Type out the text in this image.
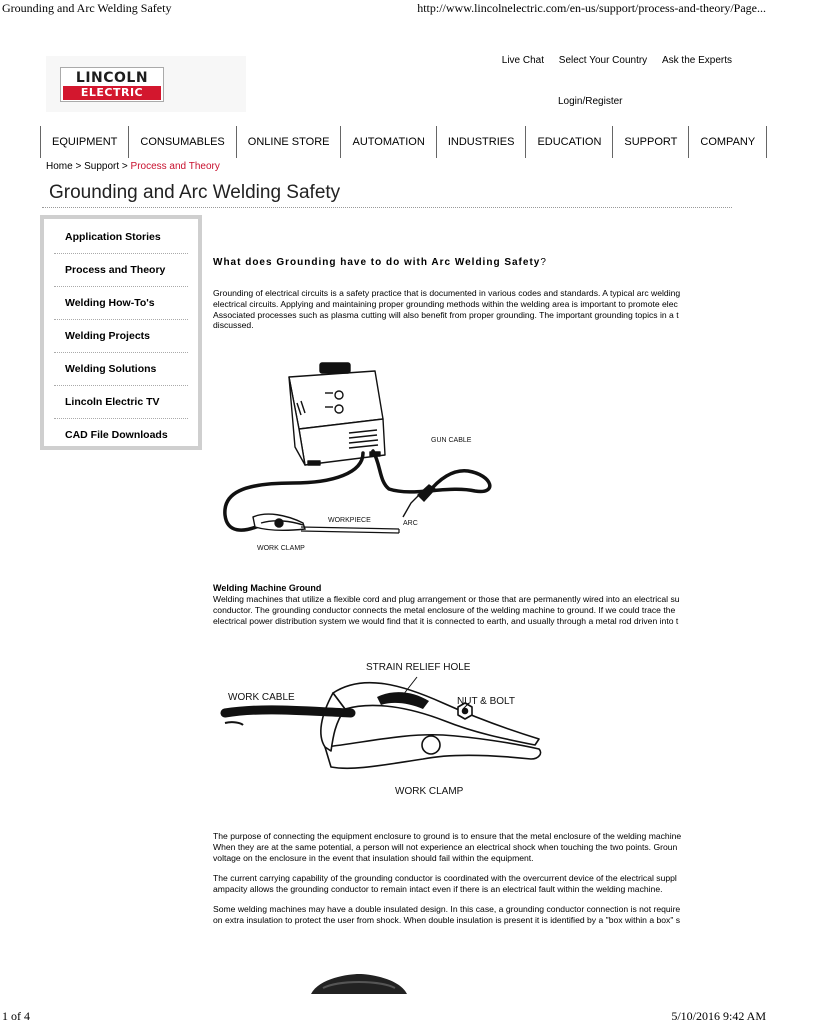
Grounding and Arc Welding Safety	http://www.lincolnelectric.com/en-us/support/process-and-theory/Page...
LINCOLN
ELECTRIC
Live Chat Select Your Country Ask the Experts
Login/Register
EQUIPMENT CONSUMABLES ONLINE STORE AUTOMATION INDUSTRIES EDUCATION SUPPORT COMPANY
Home > Support > Process and Theory
Grounding and Arc Welding Safety
Application Stories
Process and Theory
Welding How-To's
Welding Projects
Welding Solutions
Lincoln Electric TV
CAD File Downloads
What does Grounding have to do with Arc Welding Safety?
Grounding of electrical circuits is a safety practice that is documented in various codes and standards. A typical arc welding
electrical circuits. Applying and maintaining proper grounding methods within the welding area is important to promote elec
Associated processes such as plasma cutting will also benefit from proper grounding. The important grounding topics in a t
discussed.
GUN CABLE
WORKPIECE	ARC
WORK CLAMP
Welding Machine Ground
Welding machines that utilize a flexible cord and plug arrangement or those that are permanently wired into an electrical su
conductor. The grounding conductor connects the metal enclosure of the welding machine to ground. If we could trace the
electrical power distribution system we would find that it is connected to earth, and usually through a metal rod driven into t
STRAIN RELIEF HOLE
WORK CABLE	NUT & BOLT
WORK CLAMP
The purpose of connecting the equipment enclosure to ground is to ensure that the metal enclosure of the welding machine
When they are at the same potential, a person will not experience an electrical shock when touching the two points. Groun
voltage on the enclosure in the event that insulation should fail within the equipment.
The current carrying capability of the grounding conductor is coordinated with the overcurrent device of the electrical suppl
ampacity allows the grounding conductor to remain intact even if there is an electrical fault within the welding machine.
Some welding machines may have a double insulated design. In this case, a grounding conductor connection is not require
on extra insulation to protect the user from shock. When double insulation is present it is identified by a "box within a box" s
1 of 4	5/10/2016 9:42 AM
